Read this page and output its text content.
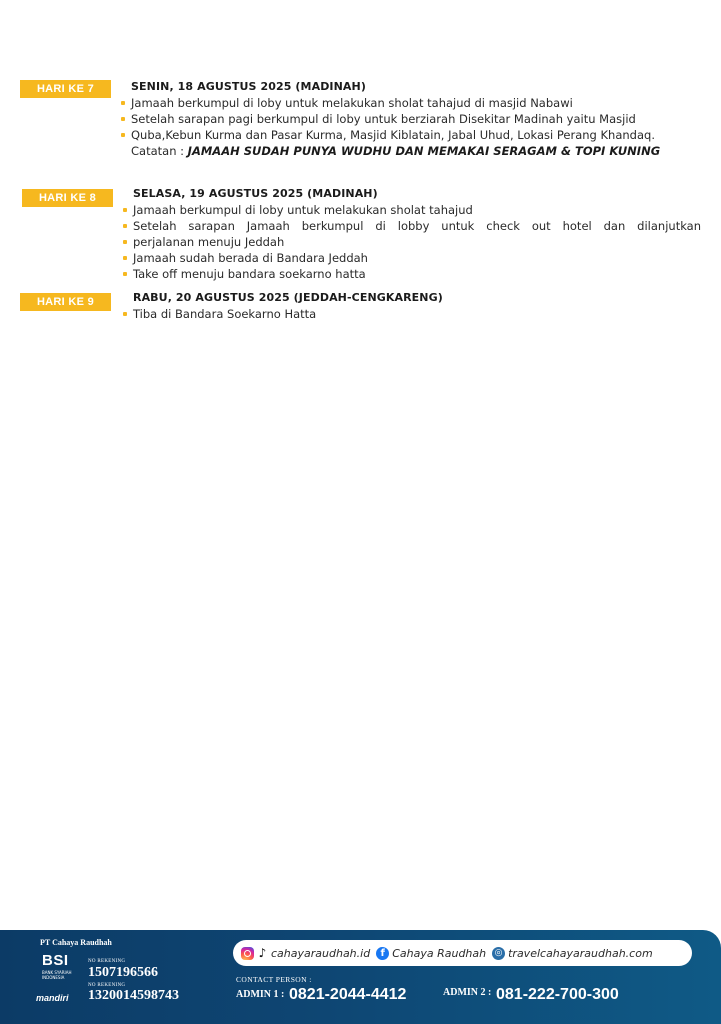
HARI KE 7	SENIN, 18 AGUSTUS 2025 (MADINAH)
Jamaah berkumpul di loby untuk melakukan sholat tahajud di masjid Nabawi
Setelah sarapan pagi berkumpul di loby untuk berziarah Disekitar Madinah yaitu Masjid
Quba,Kebun Kurma dan Pasar Kurma, Masjid Kiblatain, Jabal Uhud, Lokasi Perang Khandaq.
Catatan : JAMAAH SUDAH PUNYA WUDHU DAN MEMAKAI SERAGAM & TOPI KUNING
HARI KE 8	SELASA, 19 AGUSTUS 2025 (MADINAH)
Jamaah berkumpul di loby untuk melakukan sholat tahajud
Setelah sarapan Jamaah berkumpul di lobby untuk check out hotel dan dilanjutkan
perjalanan menuju Jeddah
Jamaah sudah berada di Bandara Jeddah
Take off menuju bandara soekarno hatta
HARI KE 9	RABU, 20 AGUSTUS 2025 (JEDDAH-CENGKARENG)
Tiba di Bandara Soekarno Hatta
PT Cahaya Raudhah
BSI
BANK SYARIAH INDONESIA
NO REKENING
1507196566
mandiri
NO REKENING
1320014598743
♪ cahayaraudhah.id	f Cahaya Raudhah ◎ travelcahayaraudhah.com
CONTACT PERSON :
ADMIN 1 : 0821-2044-4412	ADMIN 2 : 081-222-700-300
